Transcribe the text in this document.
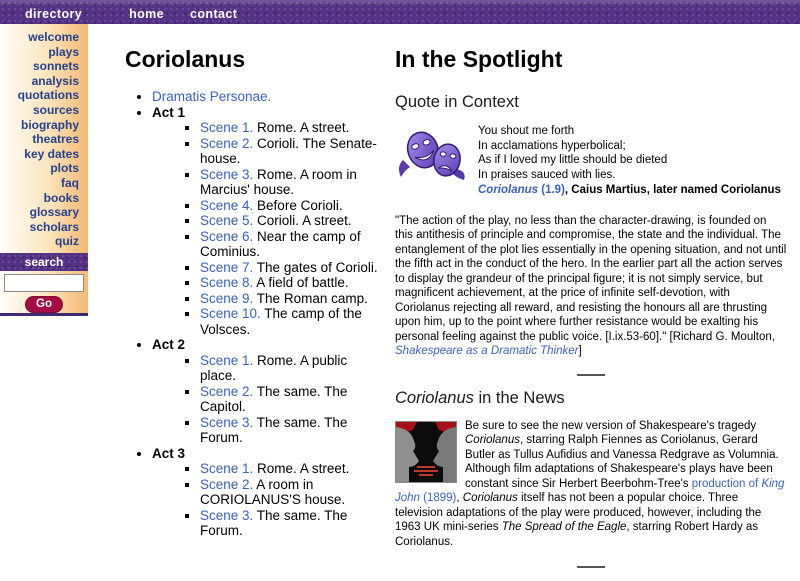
directory	home contact
welcome
plays
sonnets
analysis
quotations
sources
biography
theatres
key dates
plots
faq
books
glossary
scholars
quiz
search
Go
Coriolanus
• Dramatis Personae.
• Act 1
▪ Scene 1. Rome. A street.
▪ Scene 2. Corioli. The Senate-house.
▪ Scene 3. Rome. A room in Marcius' house.
▪ Scene 4. Before Corioli.
▪ Scene 5. Corioli. A street.
▪ Scene 6. Near the camp of Cominius.
▪ Scene 7. The gates of Corioli.
▪ Scene 8. A field of battle.
▪ Scene 9. The Roman camp.
▪ Scene 10. The camp of the Volsces.
• Act 2
▪ Scene 1. Rome. A public place.
▪ Scene 2. The same. The Capitol.
▪ Scene 3. The same. The Forum.
• Act 3
▪ Scene 1. Rome. A street.
▪ Scene 2. A room in CORIOLANUS'S house.
▪ Scene 3. The same. The Forum.
In the Spotlight
Quote in Context
You shout me forth
In acclamations hyperbolical;
As if I loved my little should be dieted
In praises sauced with lies.
Coriolanus (1.9), Caius Martius, later named Coriolanus

"The action of the play, no less than the character-drawing, is founded on this antithesis of principle and compromise, the state and the individual. The entanglement of the plot lies essentially in the opening situation, and not until the fifth act in the conduct of the hero. In the earlier part all the action serves to display the grandeur of the principal figure; it is not simply service, but magnificent achievement, at the price of infinite self-devotion, with Coriolanus rejecting all reward, and resisting the honours all are thrusting upon him, up to the point where further resistance would be exalting his personal feeling against the public voice. [I.ix.53-60]." [Richard G. Moulton, Shakespeare as a Dramatic Thinker]

Coriolanus in the News
Be sure to see the new version of Shakespeare's tragedy Coriolanus, starring Ralph Fiennes as Coriolanus, Gerard Butler as Tullus Aufidius and Vanessa Redgrave as Volumnia. Although film adaptations of Shakespeare's plays have been constant since Sir Herbert Beerbohm-Tree's production of King John (1899), Coriolanus itself has not been a popular choice. Three television adaptations of the play were produced, however, including the 1963 UK mini-series The Spread of the Eagle, starring Robert Hardy as Coriolanus.
